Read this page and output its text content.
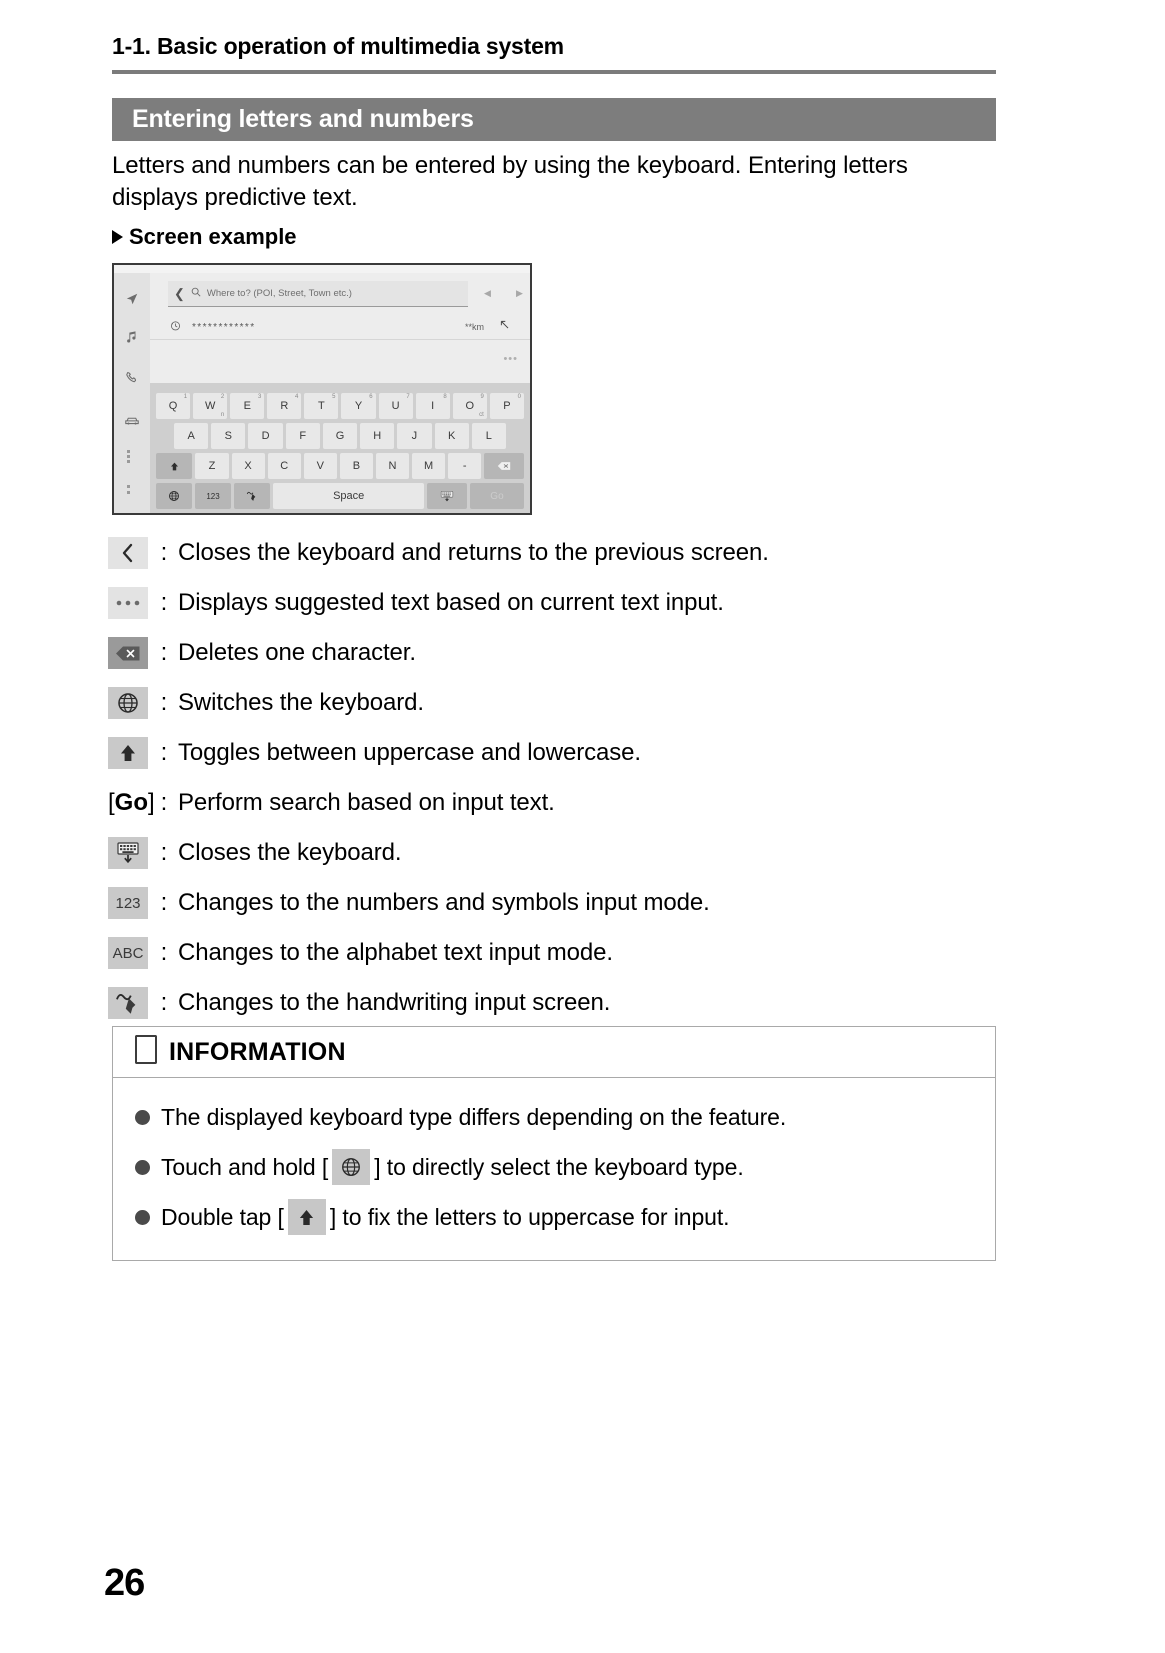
1-1. Basic operation of multimedia system
Entering letters and numbers
Letters and numbers can be entered by using the keyboard. Entering letters displays predictive text.
Screen example
❮ Where to? (POI, Street, Town etc.)	◀	▶
************	**km
•••
Q
1
W
2
n
E
3
R
4
T
5
Y
6
U
7
I
8
O
9
ct
P
0
A	S	D	F	G	H	J	K	L
Z	X	C	V	B	N	M	-
123	Space	Go
: Closes the keyboard and returns to the previous screen.
: Displays suggested text based on current text input.
: Deletes one character.
: Switches the keyboard.
: Toggles between uppercase and lowercase.
[Go] : Perform search based on input text.
: Closes the keyboard.
123 : Changes to the numbers and symbols input mode.
ABC : Changes to the alphabet text input mode.
: Changes to the handwriting input screen.
INFORMATION
The displayed keyboard type differs depending on the feature.
Touch and hold [ ] to directly select the keyboard type.
Double tap [ ] to fix the letters to uppercase for input.
26
